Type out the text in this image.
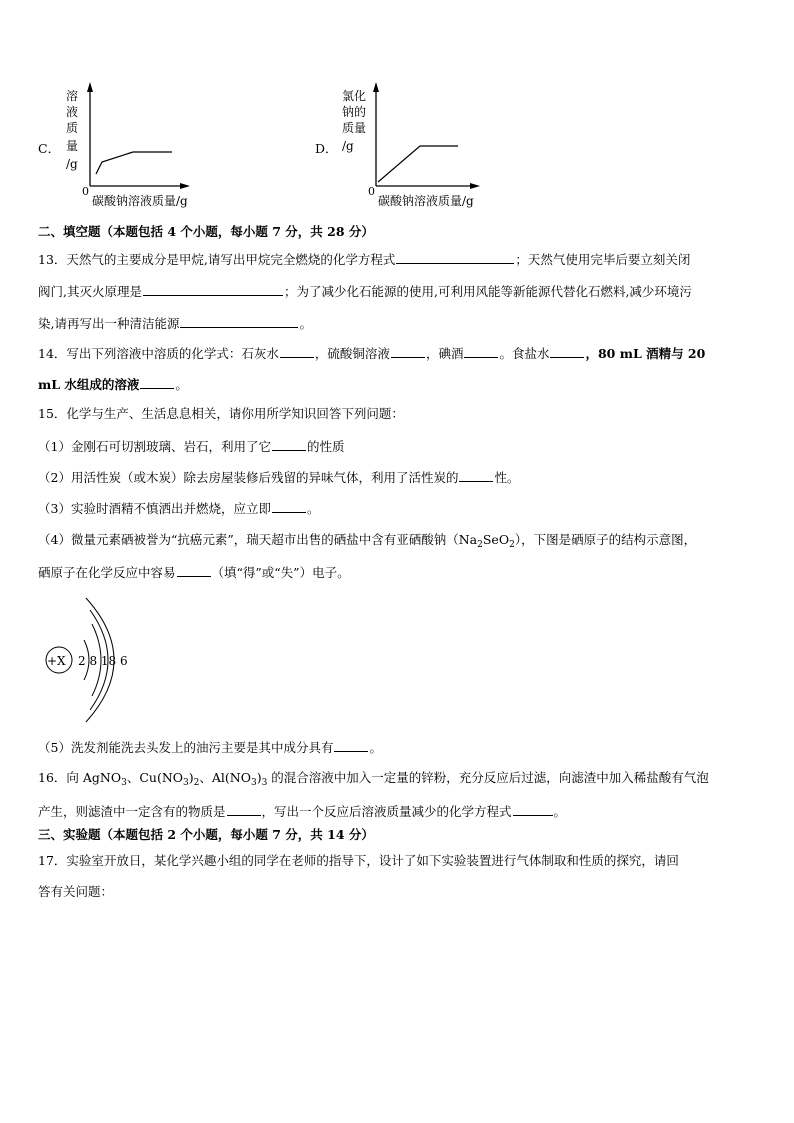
C．
溶
液
质
量
/g
0
碳酸钠溶液质量/g
D．
氯化
钠的
质量
/g
0
碳酸钠溶液质量/g
二、填空题（本题包括 4 个小题，每小题 7 分，共 28 分）
13．天然气的主要成分是甲烷,请写出甲烷完全燃烧的化学方程式	；天然气使用完毕后要立刻关闭
阀门,其灭火原理是	；为了减少化石能源的使用,可利用风能等新能源代替化石燃料,减少环境污
染,请再写出一种清洁能源	。
14．写出下列溶液中溶质的化学式：石灰水	，硫酸铜溶液	，碘酒	。食盐水	，80 mL 酒精与 20
mL 水组成的溶液	。
15．化学与生产、生活息息相关，请你用所学知识回答下列问题：
（1）金刚石可切割玻璃、岩石，利用了它	的性质
（2）用活性炭（或木炭）除去房屋装修后残留的异味气体，利用了活性炭的	性。
（3）实验时酒精不慎洒出并燃烧，应立即	。
（4）微量元素硒被誉为“抗癌元素”，瑞天超市出售的硒盐中含有亚硒酸钠$(Na_2SeO_2)$，下图是硒原子的结构示意图，
硒原子在化学反应中容易	（填“得”或“失”）电子。
+X 2 8 18 6
（5）洗发剂能洗去头发上的油污主要是其中成分具有	。
16．向 AgNO$_3$、$Cu(NO_3)_2$、$Al(NO_3)_3$ 的混合溶液中加入一定量的锌粉，充分反应后过滤，向滤渣中加入稀盐酸有气泡
产生，则滤渣中一定含有的物质是	，写出一个反应后溶液质量减少的化学方程式	。
三、实验题（本题包括 2 个小题，每小题 7 分，共 14 分）
17．实验室开放日，某化学兴趣小组的同学在老师的指导下，设计了如下实验装置进行气体制取和性质的探究，请回
答有关问题：
